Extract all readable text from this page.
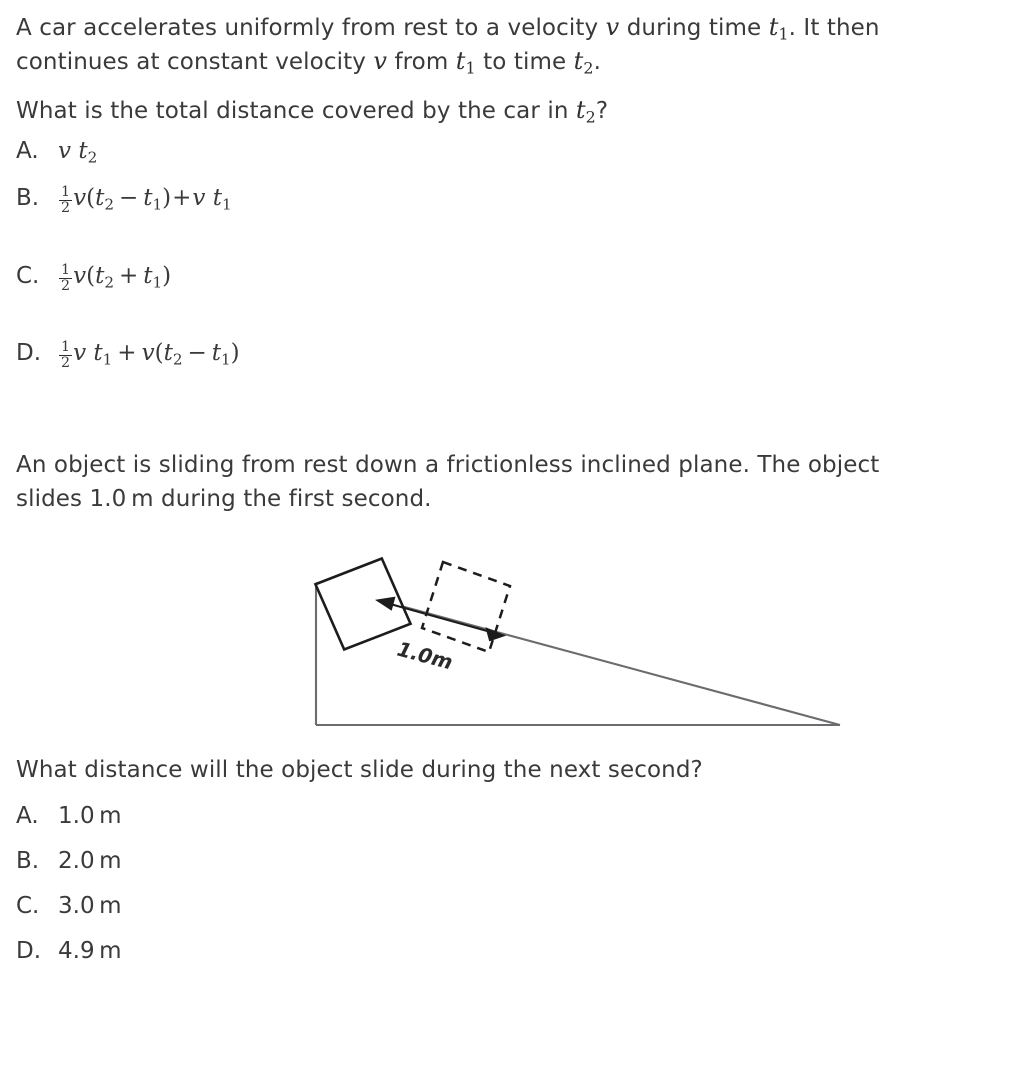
A car accelerates uniformly from rest to a velocity v during time $t_1$. It then
continues at constant velocity v from $t_1$ to time $t_2$.
What is the total distance covered by the car in $t_2$?
A. v $t_2$
B.	$\frac{1}{2} v(t_2 - t_1)+v$ $t_1$
C.	$\frac{1}{2} v(t_2 + t_1)$
D.	$\frac{1}{2}$ v $t_1 + v(t_2 - t_1)$
An object is sliding from rest down a frictionless inclined plane. The object
slides 1.0 m during the first second.
1.0m
What distance will the object slide during the next second?
A. 1.0 m
B. 2.0 m
C. 3.0 m
D. 4.9 m
